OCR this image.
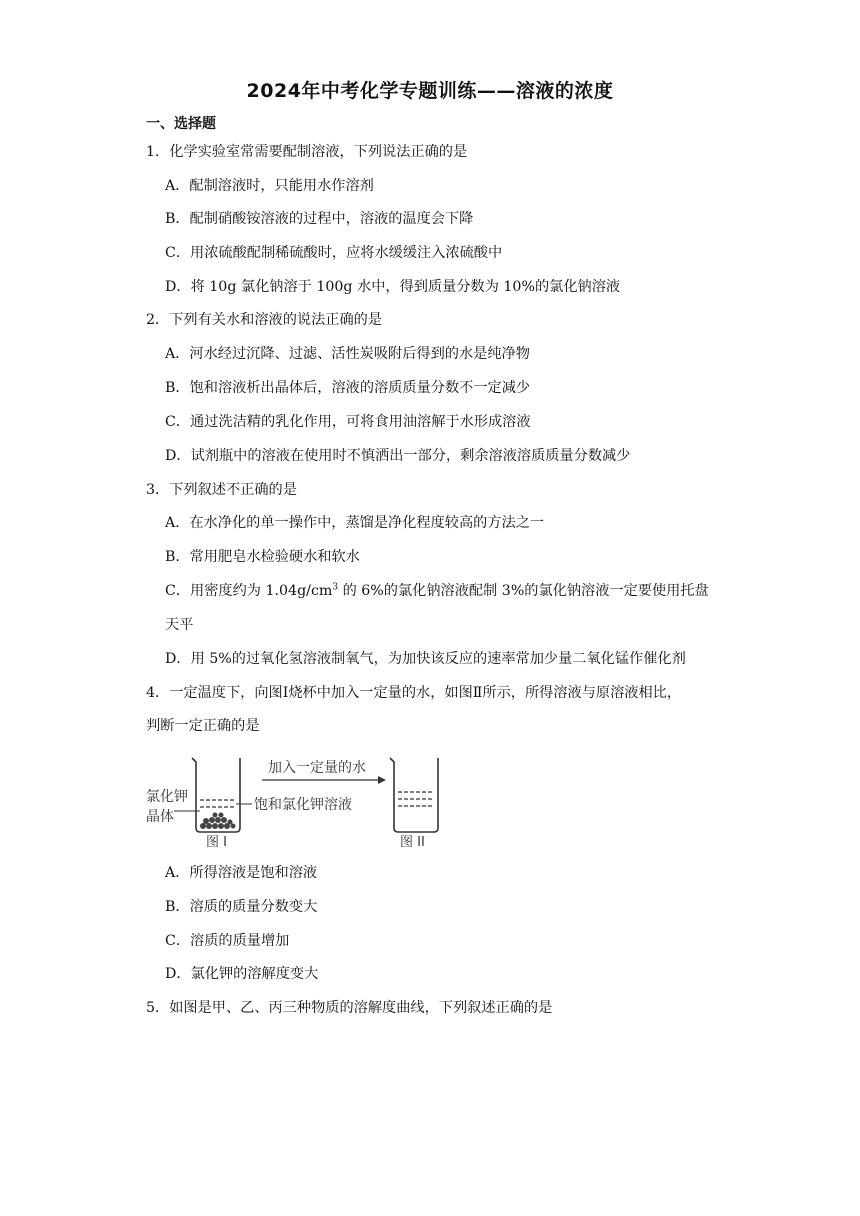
2024年中考化学专题训练——溶液的浓度
一、选择题
1．化学实验室常需要配制溶液，下列说法正确的是
A．配制溶液时，只能用水作溶剂
B．配制硝酸铵溶液的过程中，溶液的温度会下降
C．用浓硫酸配制稀硫酸时，应将水缓缓注入浓硫酸中
D．将 10g 氯化钠溶于 100g 水中，得到质量分数为 10%的氯化钠溶液
2．下列有关水和溶液的说法正确的是
A．河水经过沉降、过滤、活性炭吸附后得到的水是纯净物
B．饱和溶液析出晶体后，溶液的溶质质量分数不一定减少
C．通过洗洁精的乳化作用，可将食用油溶解于水形成溶液
D．试剂瓶中的溶液在使用时不慎洒出一部分，剩余溶液溶质质量分数减少
3．下列叙述不正确的是
A．在水净化的单一操作中，蒸馏是净化程度较高的方法之一
B．常用肥皂水检验硬水和软水
C．用密度约为 $1.04g/cm^3$ 的 6%的氯化钠溶液配制 3%的氯化钠溶液一定要使用托盘
天平
D．用 5%的过氧化氢溶液制氧气，为加快该反应的速率常加少量二氧化锰作催化剂
4．一定温度下，向图Ⅰ烧杯中加入一定量的水，如图Ⅱ所示，所得溶液与原溶液相比，
判断一定正确的是
氯化钾
晶体
饱和氯化钾溶液
图 I
加入一定量的水
图 II
A．所得溶液是饱和溶液
B．溶质的质量分数变大
C．溶质的质量增加
D．氯化钾的溶解度变大
5．如图是甲、乙、丙三种物质的溶解度曲线，下列叙述正确的是
